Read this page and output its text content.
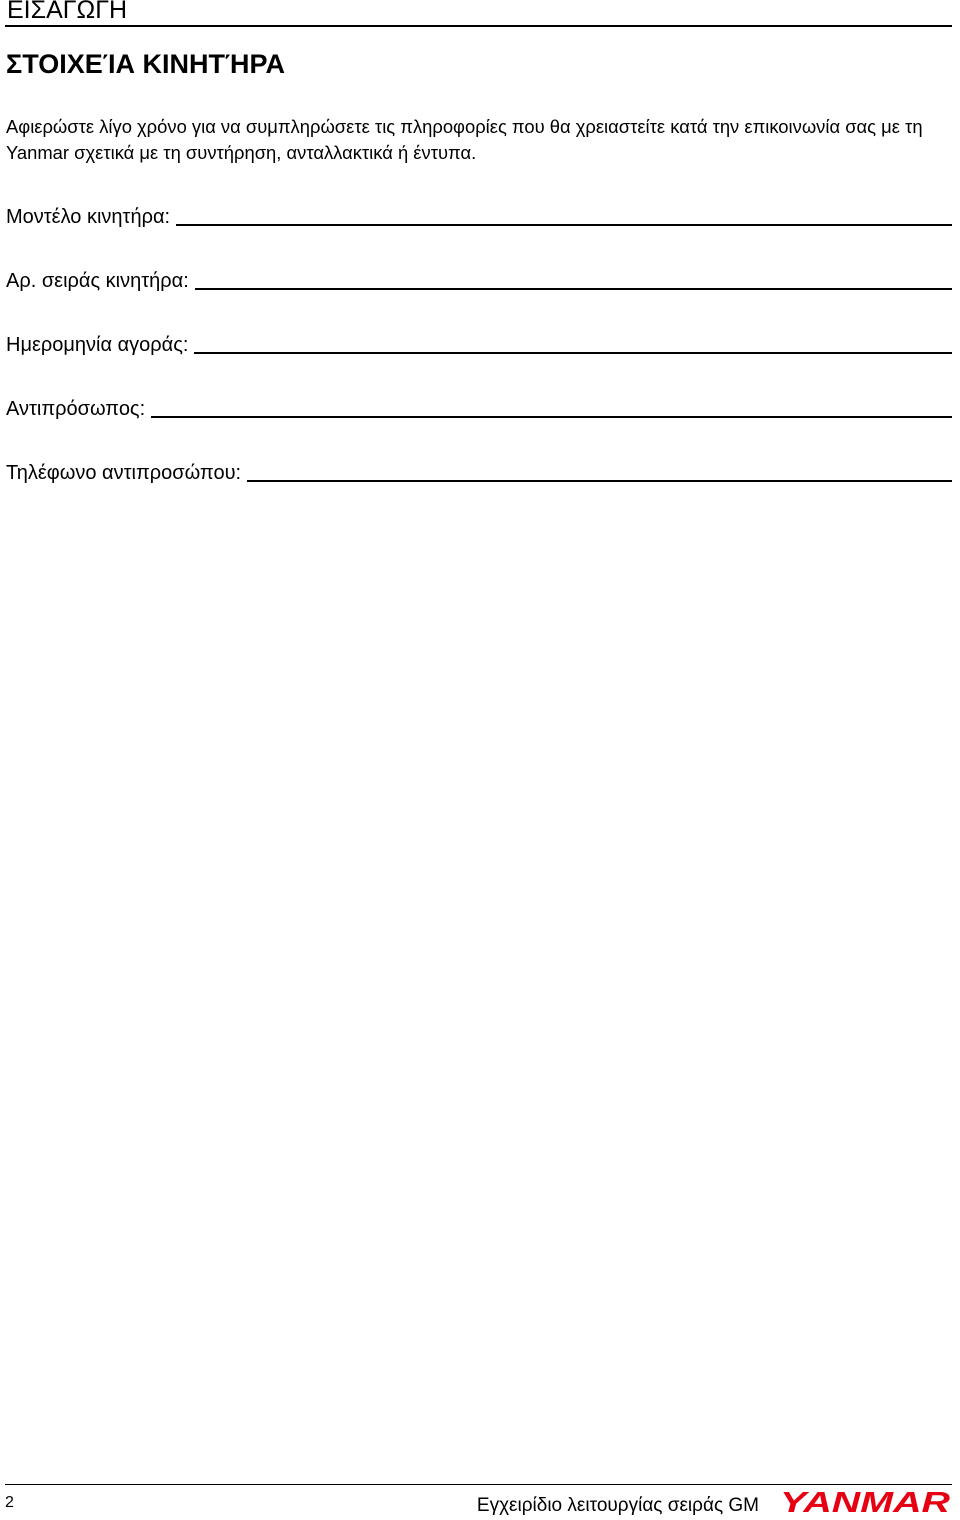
ΕΙΣΑΓΩΓΗ
ΣΤΟΙΧΕΊΑ ΚΙΝΗΤΉΡΑ
Αφιερώστε λίγο χρόνο για να συμπληρώσετε τις πληροφορίες που θα χρειαστείτε κατά την επικοινωνία σας με τη Yanmar σχετικά με τη συντήρηση, ανταλλακτικά ή έντυπα.
Μοντέλο κινητήρα:
Αρ. σειράς κινητήρα:
Ημερομηνία αγοράς:
Αντιπρόσωπος:
Τηλέφωνο αντιπροσώπου:
2	Εγχειρίδιο λειτουργίας σειράς GM YANMAR
